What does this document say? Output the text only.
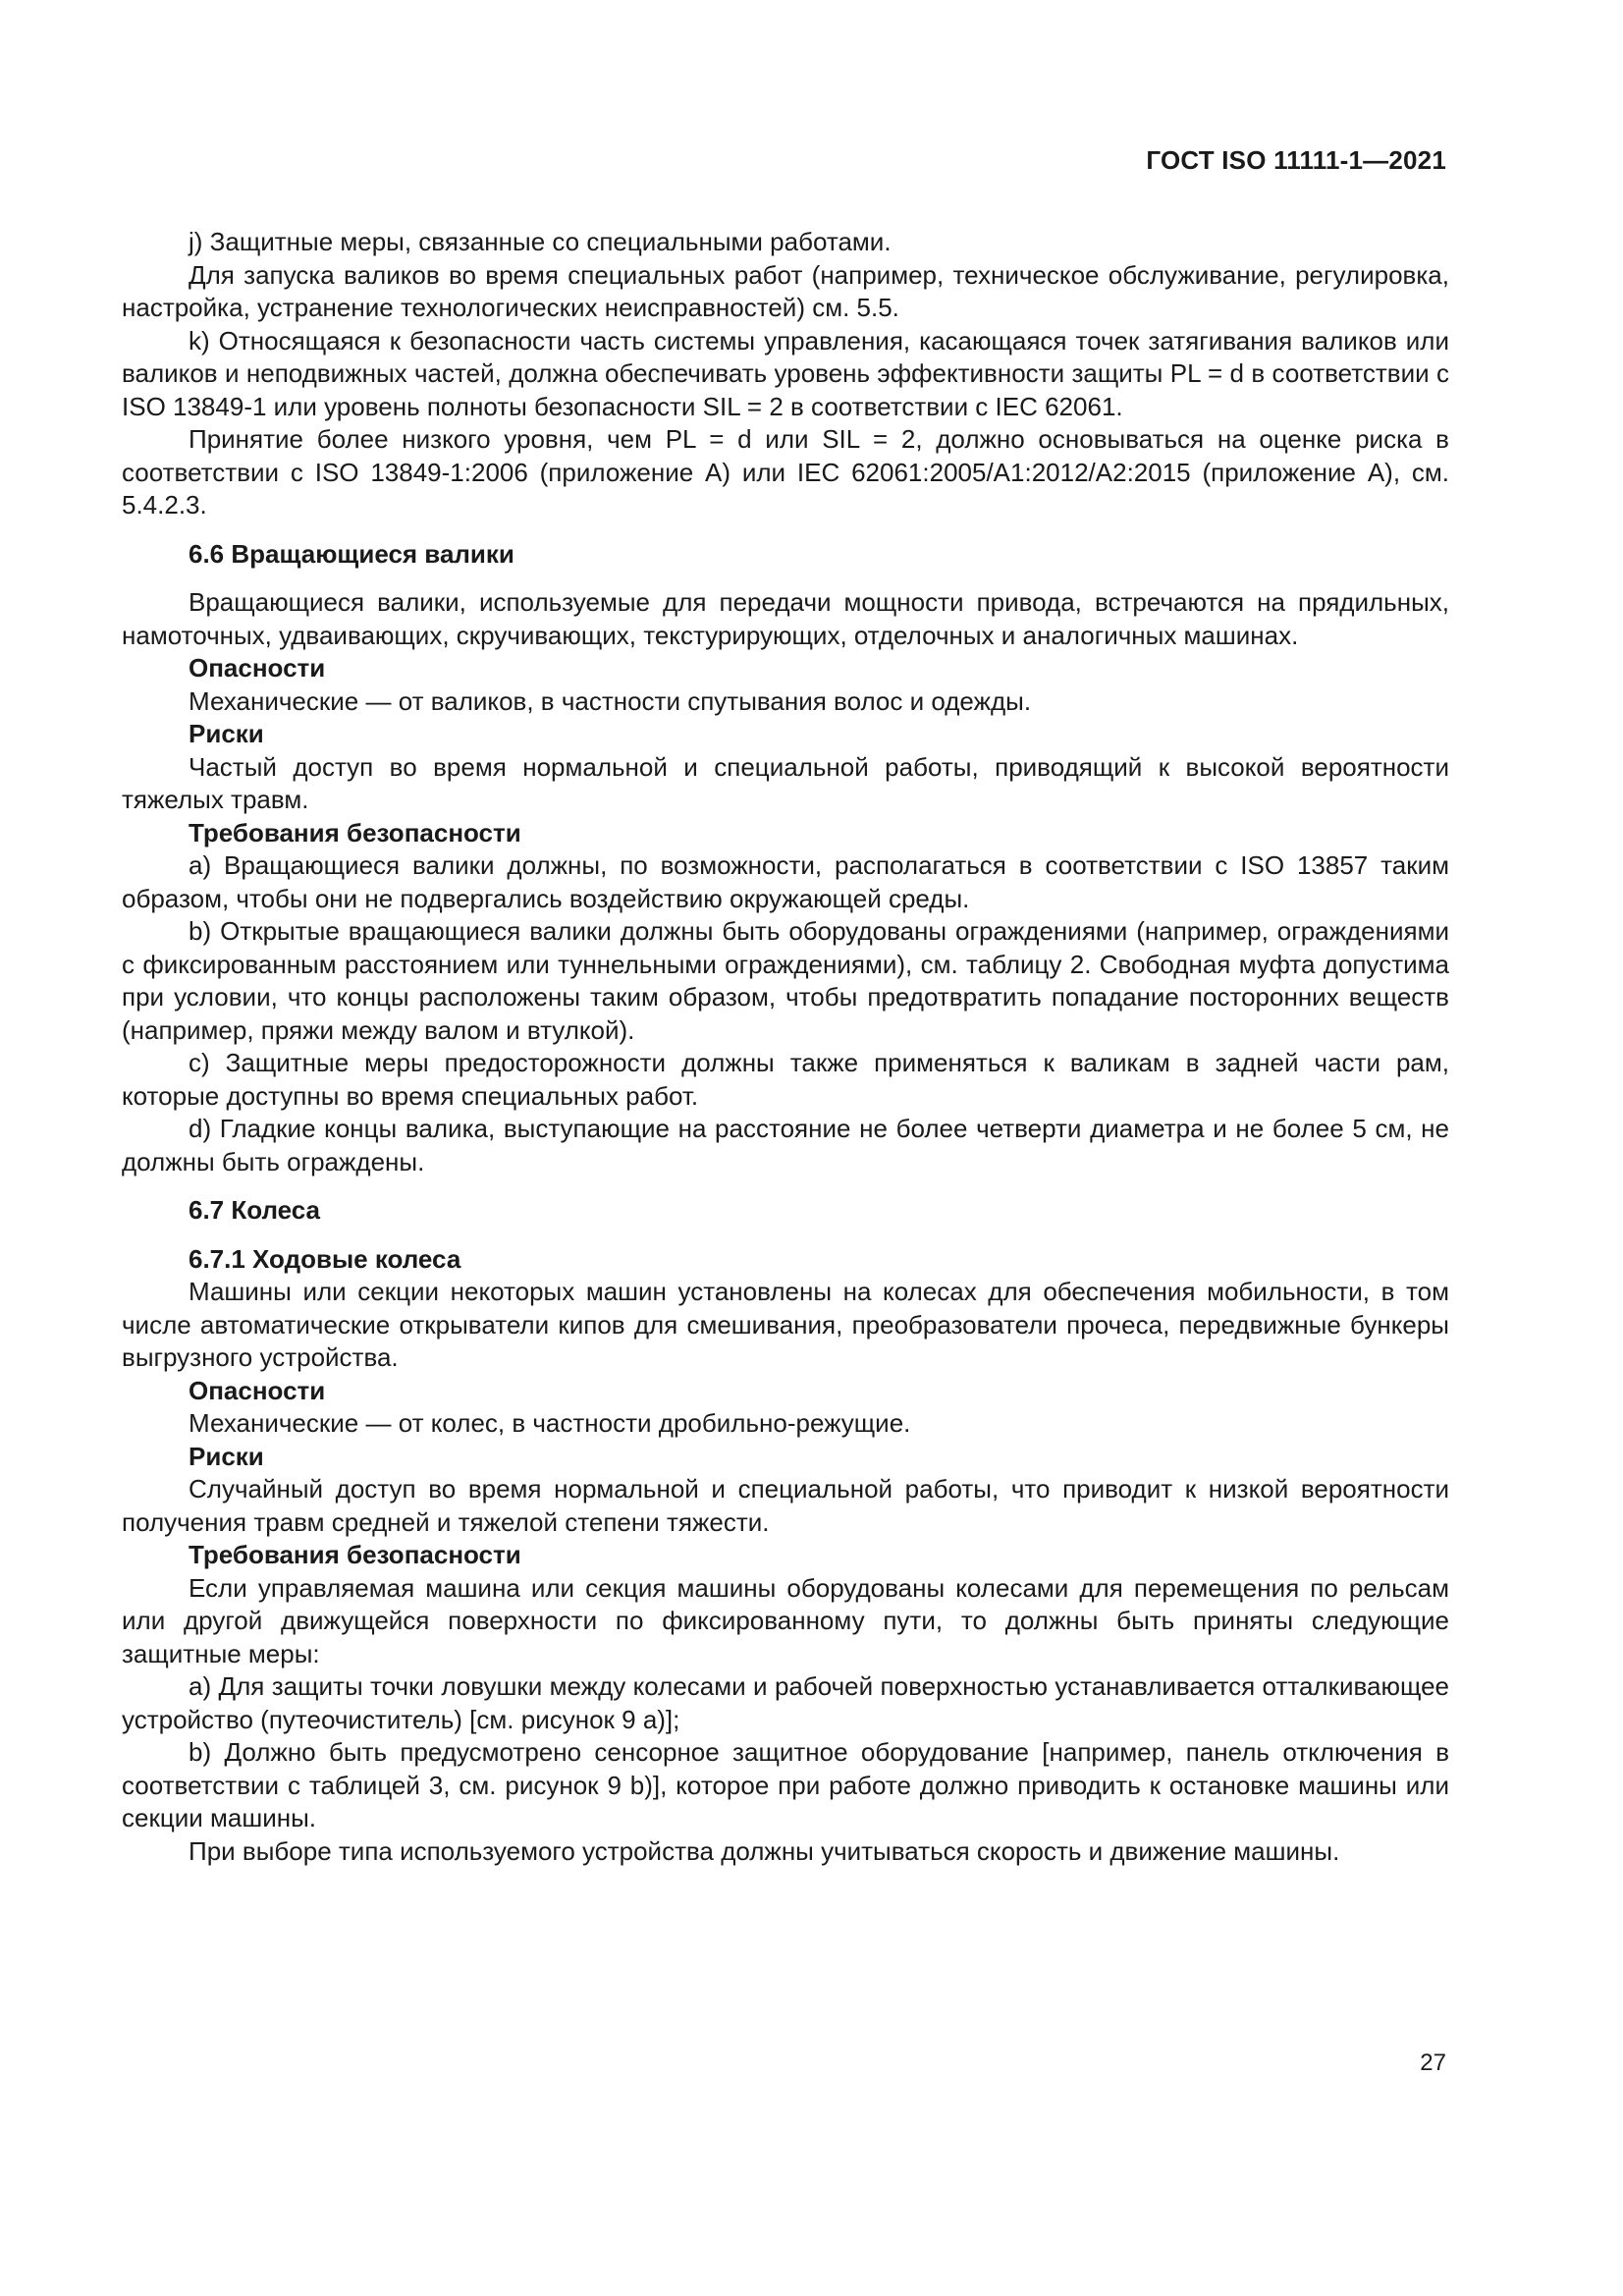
ГОСТ ISO 11111-1—2021

j) Защитные меры, связанные со специальными работами.

Для запуска валиков во время специальных работ (например, техническое обслуживание, регулировка, настройка, устранение технологических неисправностей) см. 5.5.

k) Относящаяся к безопасности часть системы управления, касающаяся точек затягивания валиков или валиков и неподвижных частей, должна обеспечивать уровень эффективности защиты PL = d в соответствии с ISO 13849-1 или уровень полноты безопасности SIL = 2 в соответствии с IEC 62061.

Принятие более низкого уровня, чем PL = d или SIL = 2, должно основываться на оценке риска в соответствии с ISO 13849-1:2006 (приложение A) или IEC 62061:2005/A1:2012/A2:2015 (приложение A), см. 5.4.2.3.

6.6 Вращающиеся валики

Вращающиеся валики, используемые для передачи мощности привода, встречаются на прядильных, намоточных, удваивающих, скручивающих, текстурирующих, отделочных и аналогичных машинах.

Опасности

Механические — от валиков, в частности спутывания волос и одежды.

Риски

Частый доступ во время нормальной и специальной работы, приводящий к высокой вероятности тяжелых травм.

Требования безопасности

a) Вращающиеся валики должны, по возможности, располагаться в соответствии с ISO 13857 таким образом, чтобы они не подвергались воздействию окружающей среды.

b) Открытые вращающиеся валики должны быть оборудованы ограждениями (например, ограждениями с фиксированным расстоянием или туннельными ограждениями), см. таблицу 2. Свободная муфта допустима при условии, что концы расположены таким образом, чтобы предотвратить попадание посторонних веществ (например, пряжи между валом и втулкой).

c) Защитные меры предосторожности должны также применяться к валикам в задней части рам, которые доступны во время специальных работ.

d) Гладкие концы валика, выступающие на расстояние не более четверти диаметра и не более 5 см, не должны быть ограждены.

6.7 Колеса
6.7.1 Ходовые колеса

Машины или секции некоторых машин установлены на колесах для обеспечения мобильности, в том числе автоматические открыватели кипов для смешивания, преобразователи прочеса, передвижные бункеры выгрузного устройства.

Опасности

Механические — от колес, в частности дробильно-режущие.

Риски

Случайный доступ во время нормальной и специальной работы, что приводит к низкой вероятности получения травм средней и тяжелой степени тяжести.

Требования безопасности

Если управляемая машина или секция машины оборудованы колесами для перемещения по рельсам или другой движущейся поверхности по фиксированному пути, то должны быть приняты следующие защитные меры:

a) Для защиты точки ловушки между колесами и рабочей поверхностью устанавливается отталкивающее устройство (путеочиститель) [см. рисунок 9 a)];

b) Должно быть предусмотрено сенсорное защитное оборудование [например, панель отключения в соответствии с таблицей 3, см. рисунок 9 b)], которое при работе должно приводить к остановке машины или секции машины.

При выборе типа используемого устройства должны учитываться скорость и движение машины.

27
